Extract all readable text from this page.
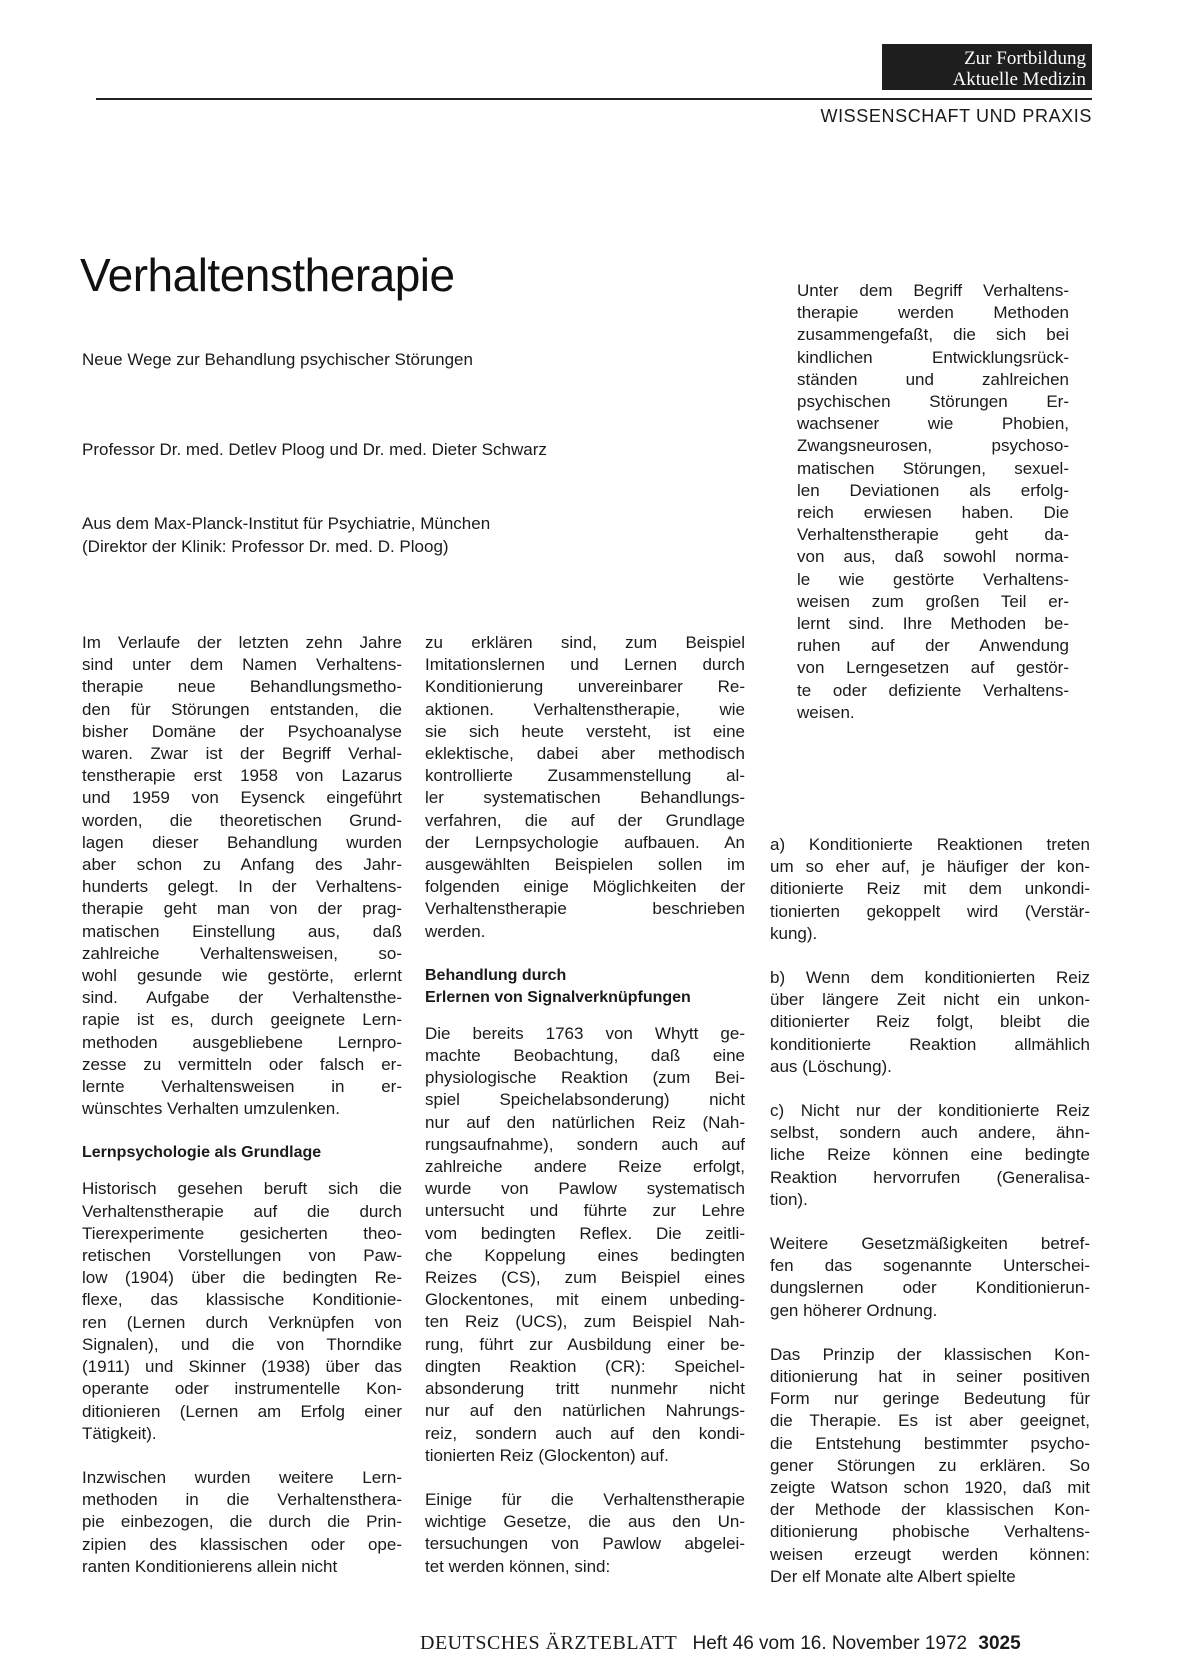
Zur Fortbildung
Aktuelle Medizin
WISSENSCHAFT UND PRAXIS
Verhaltenstherapie

Neue Wege zur Behandlung psychischer Störungen

Professor Dr. med. Detlev Ploog und Dr. med. Dieter Schwarz

Aus dem Max-Planck-Institut für Psychiatrie, München
(Direktor der Klinik: Professor Dr. med. D. Ploog)

Unter dem Begriff Verhaltens-
therapie werden Methoden
zusammengefaßt, die sich bei
kindlichen Entwicklungsrück-
ständen und zahlreichen
psychischen Störungen Er-
wachsener wie Phobien,
Zwangsneurosen, psychoso-
matischen Störungen, sexuel-
len Deviationen als erfolg-
reich erwiesen haben. Die
Verhaltenstherapie geht da-
von aus, daß sowohl norma-
le wie gestörte Verhaltens-
weisen zum großen Teil er-
lernt sind. Ihre Methoden be-
ruhen auf der Anwendung
von Lerngesetzen auf gestör-
te oder defiziente Verhaltens-
weisen.

Im Verlaufe der letzten zehn Jahre
sind unter dem Namen Verhaltens-
therapie neue Behandlungsmetho-
den für Störungen entstanden, die
bisher Domäne der Psychoanalyse
waren. Zwar ist der Begriff Verhal-
tenstherapie erst 1958 von Lazarus
und 1959 von Eysenck eingeführt
worden, die theoretischen Grund-
lagen dieser Behandlung wurden
aber schon zu Anfang des Jahr-
hunderts gelegt. In der Verhaltens-
therapie geht man von der prag-
matischen Einstellung aus, daß
zahlreiche Verhaltensweisen, so-
wohl gesunde wie gestörte, erlernt
sind. Aufgabe der Verhaltensthe-
rapie ist es, durch geeignete Lern-
methoden ausgebliebene Lernpro-
zesse zu vermitteln oder falsch er-
lernte Verhaltensweisen in er-
wünschtes Verhalten umzulenken.

Lernpsychologie als Grundlage

Historisch gesehen beruft sich die
Verhaltenstherapie auf die durch
Tierexperimente gesicherten theo-
retischen Vorstellungen von Paw-
low (1904) über die bedingten Re-
flexe, das klassische Konditionie-
ren (Lernen durch Verknüpfen von
Signalen), und die von Thorndike
(1911) und Skinner (1938) über das
operante oder instrumentelle Kon-
ditionieren (Lernen am Erfolg einer
Tätigkeit).

Inzwischen wurden weitere Lern-
methoden in die Verhaltensthera-
pie einbezogen, die durch die Prin-
zipien des klassischen oder ope-
ranten Konditionierens allein nicht

zu erklären sind, zum Beispiel
Imitationslernen und Lernen durch
Konditionierung unvereinbarer Re-
aktionen. Verhaltenstherapie, wie
sie sich heute versteht, ist eine
eklektische, dabei aber methodisch
kontrollierte Zusammenstellung al-
ler systematischen Behandlungs-
verfahren, die auf der Grundlage
der Lernpsychologie aufbauen. An
ausgewählten Beispielen sollen im
folgenden einige Möglichkeiten der
Verhaltenstherapie beschrieben
werden.

Behandlung durch
Erlernen von Signalverknüpfungen

Die bereits 1763 von Whytt ge-
machte Beobachtung, daß eine
physiologische Reaktion (zum Bei-
spiel Speichelabsonderung) nicht
nur auf den natürlichen Reiz (Nah-
rungsaufnahme), sondern auch auf
zahlreiche andere Reize erfolgt,
wurde von Pawlow systematisch
untersucht und führte zur Lehre
vom bedingten Reflex. Die zeitli-
che Koppelung eines bedingten
Reizes (CS), zum Beispiel eines
Glockentones, mit einem unbeding-
ten Reiz (UCS), zum Beispiel Nah-
rung, führt zur Ausbildung einer be-
dingten Reaktion (CR): Speichel-
absonderung tritt nunmehr nicht
nur auf den natürlichen Nahrungs-
reiz, sondern auch auf den kondi-
tionierten Reiz (Glockenton) auf.

Einige für die Verhaltenstherapie
wichtige Gesetze, die aus den Un-
tersuchungen von Pawlow abgelei-
tet werden können, sind:

a) Konditionierte Reaktionen treten
um so eher auf, je häufiger der kon-
ditionierte Reiz mit dem unkondi-
tionierten gekoppelt wird (Verstär-
kung).

b) Wenn dem konditionierten Reiz
über längere Zeit nicht ein unkon-
ditionierter Reiz folgt, bleibt die
konditionierte Reaktion allmählich
aus (Löschung).

c) Nicht nur der konditionierte Reiz
selbst, sondern auch andere, ähn-
liche Reize können eine bedingte
Reaktion hervorrufen (Generalisa-
tion).

Weitere Gesetzmäßigkeiten betref-
fen das sogenannte Unterschei-
dungslernen oder Konditionierun-
gen höherer Ordnung.

Das Prinzip der klassischen Kon-
ditionierung hat in seiner positiven
Form nur geringe Bedeutung für
die Therapie. Es ist aber geeignet,
die Entstehung bestimmter psycho-
gener Störungen zu erklären. So
zeigte Watson schon 1920, daß mit
der Methode der klassischen Kon-
ditionierung phobische Verhaltens-
weisen erzeugt werden können:
Der elf Monate alte Albert spielte

DEUTSCHES ÄRZTEBLATT Heft 46 vom 16. November 1972 3025
